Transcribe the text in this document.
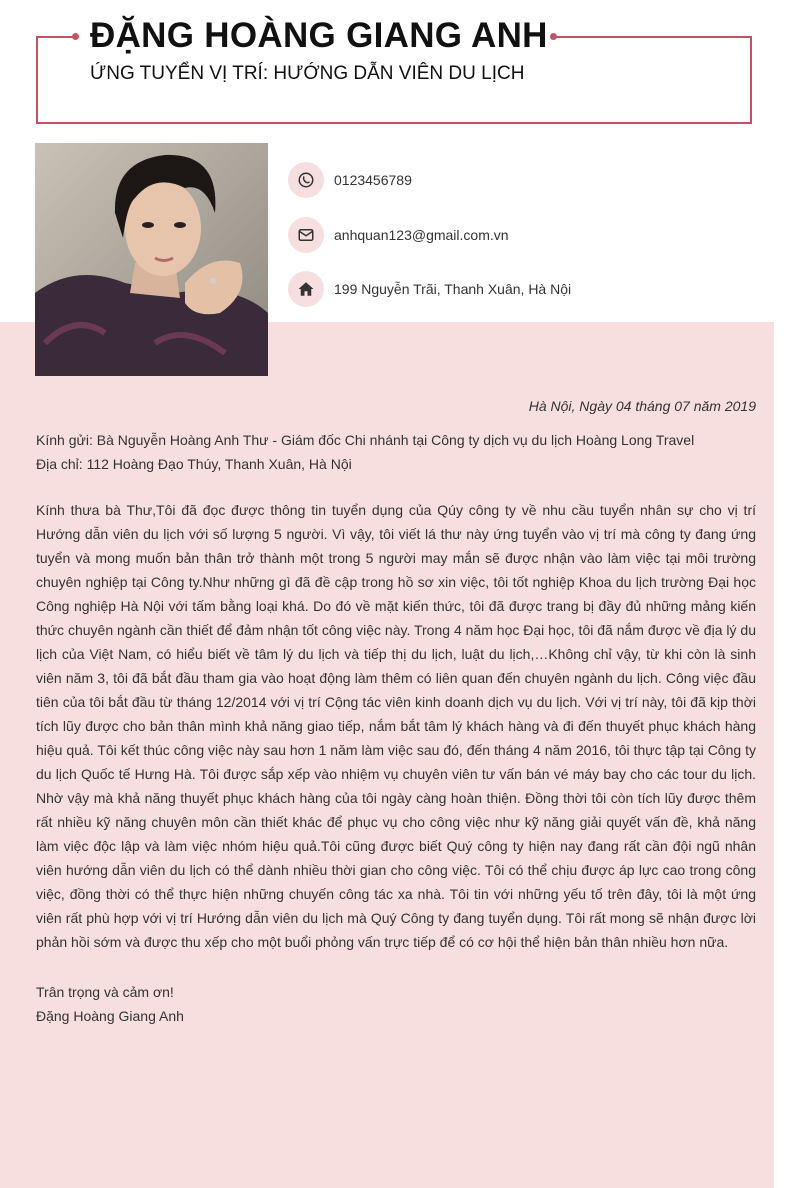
ĐẶNG HOÀNG GIANG ANH
ỨNG TUYỂN VỊ TRÍ: HƯỚNG DẪN VIÊN DU LỊCH
0123456789
anhquan123@gmail.com.vn
199 Nguyễn Trãi, Thanh Xuân, Hà Nội
Hà Nội, Ngày 04 tháng 07 năm 2019
Kính gửi: Bà Nguyễn Hoàng Anh Thư - Giám đốc Chi nhánh tại Công ty dịch vụ du lịch Hoàng Long Travel
Địa chỉ: 112 Hoàng Đạo Thúy, Thanh Xuân, Hà Nội

Kính thưa bà Thư,Tôi đã đọc được thông tin tuyển dụng của Qúy công ty về nhu cầu tuyển nhân sự cho vị trí Hướng dẫn viên du lịch với số lượng 5 người. Vì vậy, tôi viết lá thư này ứng tuyển vào vị trí mà công ty đang ứng tuyển và mong muốn bản thân trở thành một trong 5 người may mắn sẽ được nhận vào làm việc tại môi trường chuyên nghiệp tại Công ty.Như những gì đã đề cập trong hồ sơ xin việc, tôi tốt nghiệp Khoa du lịch trường Đại học Công nghiệp Hà Nội với tấm bằng loại khá. Do đó về mặt kiến thức, tôi đã được trang bị đầy đủ những mảng kiến thức chuyên ngành cần thiết để đảm nhận tốt công việc này. Trong 4 năm học Đại học, tôi đã nắm được về địa lý du lịch của Việt Nam, có hiểu biết về tâm lý du lịch và tiếp thị du lịch, luật du lịch,…Không chỉ vậy, từ khi còn là sinh viên năm 3, tôi đã bắt đầu tham gia vào hoạt động làm thêm có liên quan đến chuyên ngành du lịch. Công việc đầu tiên của tôi bắt đầu từ tháng 12/2014 với vị trí Cộng tác viên kinh doanh dịch vụ du lịch. Với vị trí này, tôi đã kịp thời tích lũy được cho bản thân mình khả năng giao tiếp, nắm bắt tâm lý khách hàng và đi đến thuyết phục khách hàng hiệu quả. Tôi kết thúc công việc này sau hơn 1 năm làm việc sau đó, đến tháng 4 năm 2016, tôi thực tập tại Công ty du lịch Quốc tế Hưng Hà. Tôi được sắp xếp vào nhiệm vụ chuyên viên tư vấn bán vé máy bay cho các tour du lịch. Nhờ vậy mà khả năng thuyết phục khách hàng của tôi ngày càng hoàn thiện. Đồng thời tôi còn tích lũy được thêm rất nhiều kỹ năng chuyên môn cần thiết khác để phục vụ cho công việc như kỹ năng giải quyết vấn đề, khả năng làm việc độc lập và làm việc nhóm hiệu quả.Tôi cũng được biết Quý công ty hiện nay đang rất cần đội ngũ nhân viên hướng dẫn viên du lịch có thể dành nhiều thời gian cho công việc. Tôi có thể chịu được áp lực cao trong công việc, đồng thời có thể thực hiện những chuyến công tác xa nhà. Tôi tin với những yếu tố trên đây, tôi là một ứng viên rất phù hợp với vị trí Hướng dẫn viên du lịch mà Quý Công ty đang tuyển dụng. Tôi rất mong sẽ nhận được lời phản hồi sớm và được thu xếp cho một buổi phỏng vấn trực tiếp để có cơ hội thể hiện bản thân nhiều hơn nữa.

Trân trọng và cảm ơn!
Đặng Hoàng Giang Anh
